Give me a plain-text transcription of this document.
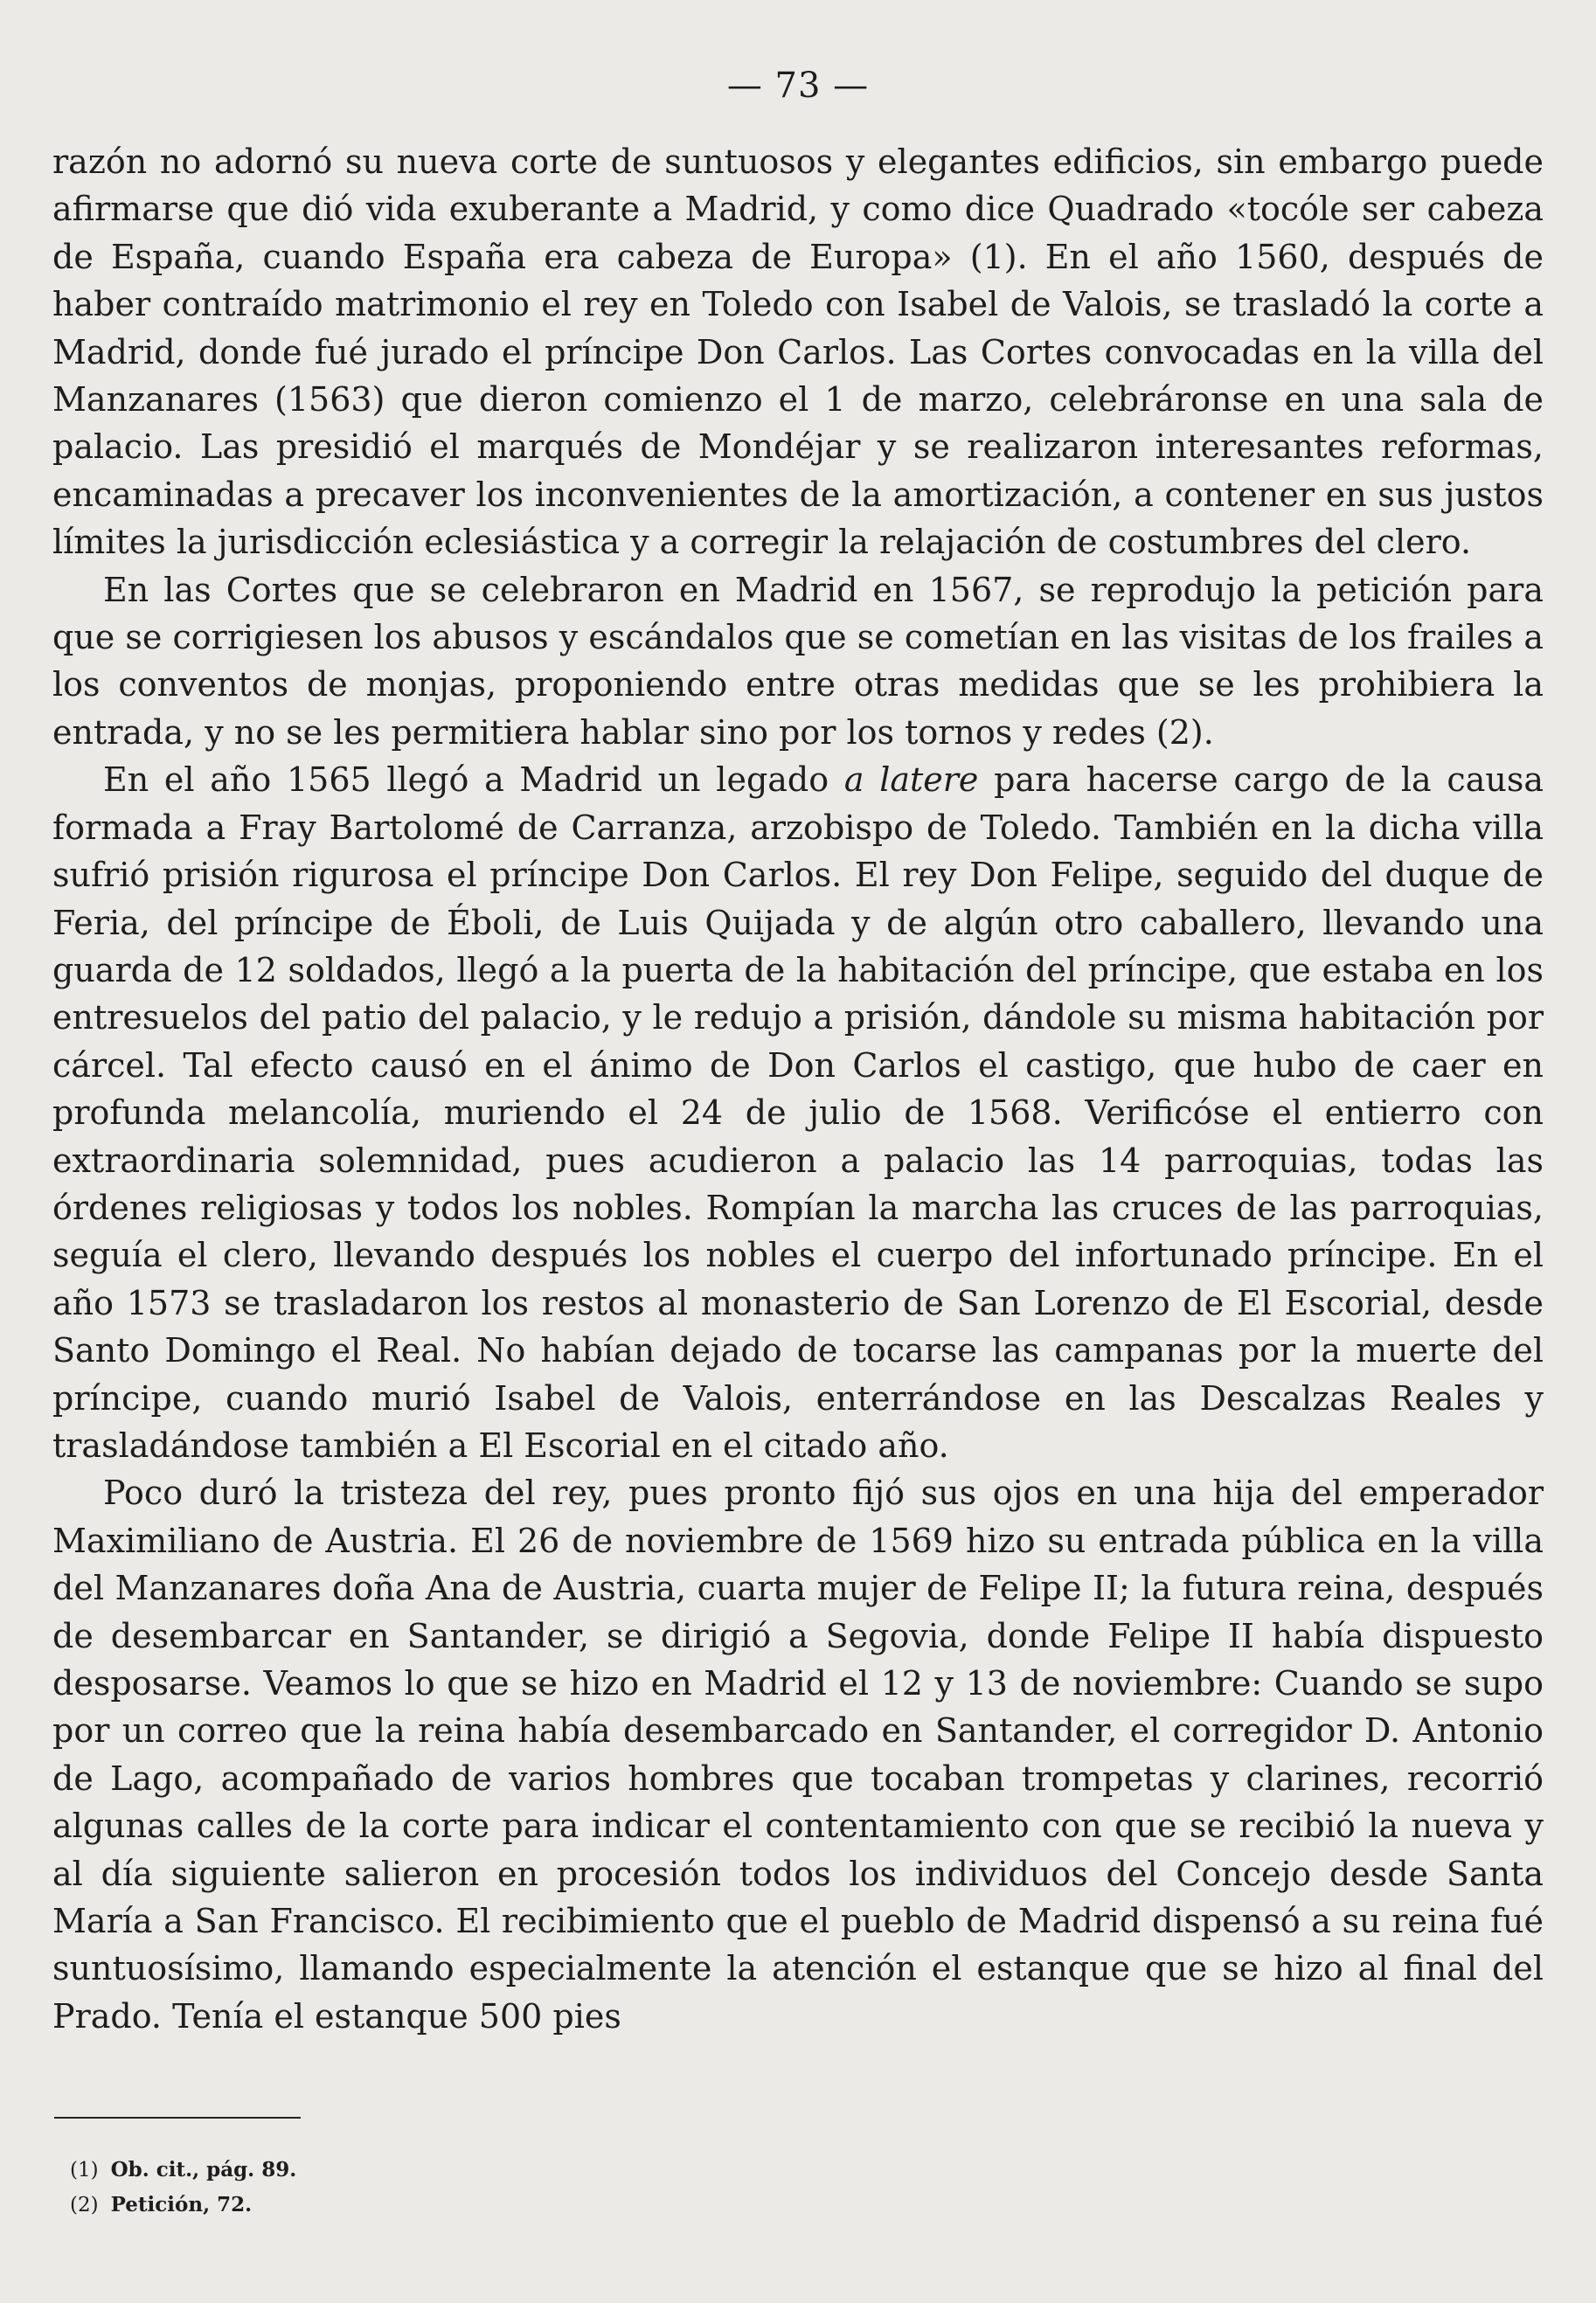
— 73 —

razón no adornó su nueva corte de suntuosos y elegantes edificios, sin embargo puede afirmarse que dió vida exuberante a Madrid, y como dice Quadrado «tocóle ser cabeza de España, cuando España era cabeza de Europa» (1). En el año 1560, después de haber contraído matrimonio el rey en Toledo con Isabel de Valois, se trasladó la corte a Madrid, donde fué jurado el príncipe Don Carlos. Las Cortes convocadas en la villa del Manzanares (1563) que dieron comienzo el 1 de marzo, celebráronse en una sala de palacio. Las presidió el marqués de Mondéjar y se realizaron interesantes reformas, encaminadas a precaver los inconvenientes de la amortización, a contener en sus justos límites la jurisdicción eclesiástica y a corregir la relajación de costumbres del clero.

En las Cortes que se celebraron en Madrid en 1567, se reprodujo la petición para que se corrigiesen los abusos y escándalos que se cometían en las visitas de los frailes a los conventos de monjas, proponiendo entre otras medidas que se les prohibiera la entrada, y no se les permitiera hablar sino por los tornos y redes (2).

En el año 1565 llegó a Madrid un legado a latere para hacerse cargo de la causa formada a Fray Bartolomé de Carranza, arzobispo de Toledo. También en la dicha villa sufrió prisión rigurosa el príncipe Don Carlos. El rey Don Felipe, seguido del duque de Feria, del príncipe de Éboli, de Luis Quijada y de algún otro caballero, llevando una guarda de 12 soldados, llegó a la puerta de la habitación del príncipe, que estaba en los entresuelos del patio del palacio, y le redujo a prisión, dándole su misma habitación por cárcel. Tal efecto causó en el ánimo de Don Carlos el castigo, que hubo de caer en profunda melancolía, muriendo el 24 de julio de 1568. Verificóse el entierro con extraordinaria solemnidad, pues acudieron a palacio las 14 parroquias, todas las órdenes religiosas y todos los nobles. Rompían la marcha las cruces de las parroquias, seguía el clero, llevando después los nobles el cuerpo del infortunado príncipe. En el año 1573 se trasladaron los restos al monasterio de San Lorenzo de El Escorial, desde Santo Domingo el Real. No habían dejado de tocarse las campanas por la muerte del príncipe, cuando murió Isabel de Valois, enterrándose en las Descalzas Reales y trasladándose también a El Escorial en el citado año.

Poco duró la tristeza del rey, pues pronto fijó sus ojos en una hija del emperador Maximiliano de Austria. El 26 de noviembre de 1569 hizo su entrada pública en la villa del Manzanares doña Ana de Austria, cuarta mujer de Felipe II; la futura reina, después de desembarcar en Santander, se dirigió a Segovia, donde Felipe II había dispuesto desposarse. Veamos lo que se hizo en Madrid el 12 y 13 de noviembre: Cuando se supo por un correo que la reina había desembarcado en Santander, el corregidor D. Antonio de Lago, acompañado de varios hombres que tocaban trompetas y clarines, recorrió algunas calles de la corte para indicar el contentamiento con que se recibió la nueva y al día siguiente salieron en procesión todos los individuos del Concejo desde Santa María a San Francisco. El recibimiento que el pueblo de Madrid dispensó a su reina fué suntuosísimo, llamando especialmente la atención el estanque que se hizo al final del Prado. Tenía el estanque 500 pies

(1) Ob. cit., pág. 89.
(2) Petición, 72.
